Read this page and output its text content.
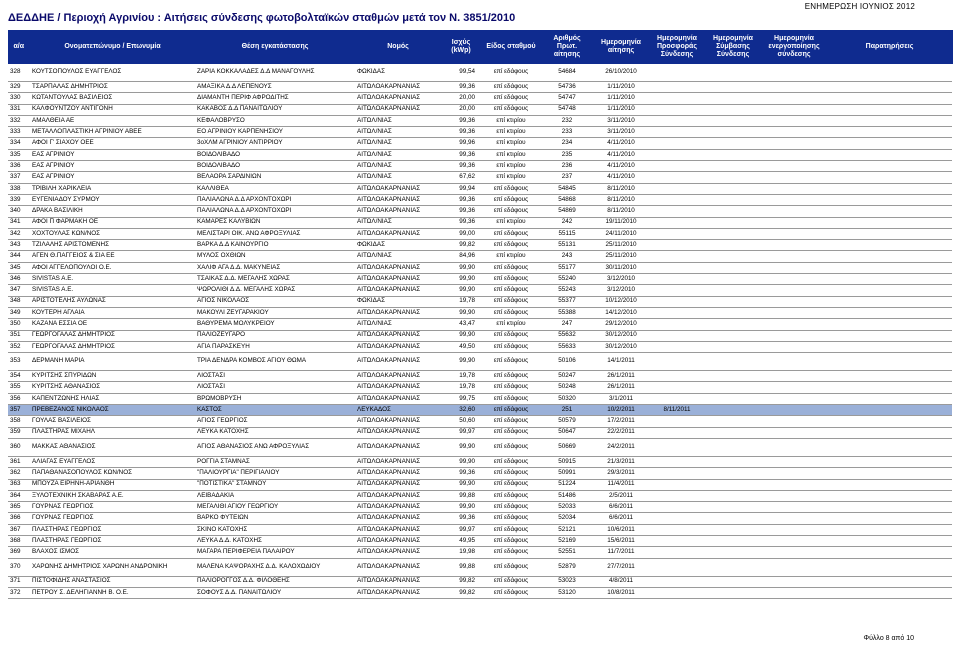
ΕΝΗΜΕΡΩΣΗ ΙΟΥΝΙΟΣ 2012
ΔΕΔΔΗΕ / Περιοχή Αγρινίου : Αιτήσεις σύνδεσης φωτοβολταϊκών σταθμών μετά τον Ν. 3851/2010
α/α	Ονοματεπώνυμο / Επωνυμία	Θέση εγκατάστασης	Νομός	Ισχύς (kWp)	Είδος σταθμού	Αριθμός Πρωτ. αίτησης	Ημερομηνία αίτησης	Ημερομηνία Προσφοράς Σύνδεσης	Ημερομηνία Σύμβασης Σύνδεσης	Ημερομηνία ενεργοποίησης σύνδεσης	Παρατηρήσεις
328	ΚΟΥΤΣΟΠΟΥΛΟΣ ΕΥΑΓΓΕΛΟΣ	ΖΑΡΙΑ ΚΟΚΚΑΛΑΔΕΣ Δ.Δ ΜΑΝΑΓΟΥΛΗΣ	ΦΩΚΙΔΑΣ	99,54	επί εδάφους	54684	26/10/2010				
329	ΤΣΑΡΠΑΛΑΣ ΔΗΜΗΤΡΙΟΣ	ΑΜΑΞΙΚΑ Δ.Δ ΛΕΠΕΝΟΥΣ	ΑΙΤΩΛΟΑΚΑΡΝΑΝΙΑΣ	99,36	επί εδάφους	54736	1/11/2010				
330	ΚΩΤΑΝΤΟΥΛΑΣ ΒΑΣΙΛΕΙΟΣ	ΔΙΑΜΑΝΤΗ ΠΕΡΙΦ ΑΦΡΟΔΙΤΗΣ	ΑΙΤΩΛΟΑΚΑΡΝΑΝΙΑΣ	20,00	επί εδάφους	54747	1/11/2010				
331	ΚΑΛΦΟΥΝΤΖΟΥ ΑΝΤΙΓΟΝΗ	ΚΑΚΑΒΟΣ Δ.Δ ΠΑΝΑΙΤΩΛΙΟΥ	ΑΙΤΩΛΟΑΚΑΡΝΑΝΙΑΣ	20,00	επί εδάφους	54748	1/11/2010				
332	ΑΜΑΛΘΕΙΑ ΑΕ	ΚΕΦΑΛΟΒΡΥΣΟ	ΑΙΤΩΛ/ΝΙΑΣ	99,36	επί κτιρίου	232	3/11/2010				
333	ΜΕΤΑΛΛΟΠΛΑΣΤΙΚΗ ΑΓΡΙΝΙΟΥ ΑΒΕΕ	ΕΟ ΑΓΡΙΝΙΟΥ ΚΑΡΠΕΝΗΣΙΟΥ	ΑΙΤΩΛ/ΝΙΑΣ	99,36	επί κτιρίου	233	3/11/2010				
334	ΑΦΟΙ Γ' ΣΙΑΧΟΥ ΟΕΕ	3οΧΛΜ ΑΓΡΙΝΙΟΥ ΑΝΤΙΡΡΙΟΥ	ΑΙΤΩΛ/ΝΙΑΣ	99,96	επί κτιρίου	234	4/11/2010				
335	ΕΑΣ ΑΓΡΙΝΙΟΥ	ΒΟΙΔΟΛΙΒΑΔΟ	ΑΙΤΩΛ/ΝΙΑΣ	99,36	επί κτιρίου	235	4/11/2010				
336	ΕΑΣ ΑΓΡΙΝΙΟΥ	ΒΟΙΔΟΛΙΒΑΔΟ	ΑΙΤΩΛ/ΝΙΑΣ	99,36	επί κτιρίου	236	4/11/2010				
337	ΕΑΣ ΑΓΡΙΝΙΟΥ	ΒΕΛΑΟΡΑ ΣΑΡΔΙΝΙΩΝ	ΑΙΤΩΛ/ΝΙΑΣ	67,62	επί κτιρίου	237	4/11/2010				
338	ΤΡΙΒΙΛΗ ΧΑΡΙΚΛΕΙΑ	ΚΑΛΛΙΘΕΑ	ΑΙΤΩΛΟΑΚΑΡΝΑΝΙΑΣ	99,94	επί εδάφους	54845	8/11/2010				
339	ΕΥΓΕΝΙΑΔΟΥ ΣΥΡΜΟΥ	ΠΑΛΙΑΛΩΝΑ Δ.Δ ΑΡΧΟΝΤΟΧΩΡΙ	ΑΙΤΩΛΟΑΚΑΡΝΑΝΙΑΣ	99,36	επί εδάφους	54868	8/11/2010				
340	ΔΡΑΚΑ ΒΑΣΙΛΙΚΗ	ΠΑΛΙΑΛΩΝΑ Δ.Δ ΑΡΧΟΝΤΟΧΩΡΙ	ΑΙΤΩΛΟΑΚΑΡΝΑΝΙΑΣ	99,36	επί εδάφους	54869	8/11/2010				
341	ΑΦΟΙ Π ΦΑΡΜΑΚΗ ΟΕ	ΚΑΜΑΡΕΣ ΚΑΛΥΒΙΩΝ	ΑΙΤΩΛ/ΝΙΑΣ	99,36	επί κτιρίου	242	19/11/2010				
342	ΧΟΧΤΟΥΛΑΣ ΚΩΝ/ΝΟΣ	ΜΕΛΙΣΤΑΡΙ ΟΙΚ. ΑΝΩ ΑΦΡΟΞΥΛΙΑΣ	ΑΙΤΩΛΟΑΚΑΡΝΑΝΙΑΣ	99,00	επί εδάφους	55115	24/11/2010				
343	ΤΖΙΛΑΛΗΣ ΑΡΙΣΤΟΜΕΝΗΣ	ΒΑΡΚΑ Δ.Δ ΚΑΙΝΟΥΡΓΙΟ	ΦΩΚΙΔΑΣ	99,82	επί εδάφους	55131	25/11/2010				
344	ΑΓΕΝ Θ.ΠΑΓΓΕΙΟΣ & ΣΙΑ ΕΕ	ΜΥΛΟΣ ΟΧΘΙΩΝ	ΑΙΤΩΛ/ΝΙΑΣ	84,96	επί κτιρίου	243	25/11/2010				
345	ΑΦΟΙ ΑΓΓΕΛΟΠΟΥΛΟΙ Ο.Ε.	ΧΑΛΙΦ ΑΓΑ Δ.Δ. ΜΑΚΥΝΕΙΑΣ	ΑΙΤΩΛΟΑΚΑΡΝΑΝΙΑΣ	99,90	επί εδάφους	55177	30/11/2010				
346	SIVISTAS A.E.	ΤΣΑΙΚΑΣ Δ.Δ. ΜΕΓΑΛΗΣ ΧΩΡΑΣ	ΑΙΤΩΛΟΑΚΑΡΝΑΝΙΑΣ	99,90	επί εδάφους	55240	3/12/2010				
347	SIVISTAS A.E.	ΨΩΡΟΛΙΘΙ Δ.Δ. ΜΕΓΑΛΗΣ ΧΩΡΑΣ	ΑΙΤΩΛΟΑΚΑΡΝΑΝΙΑΣ	99,90	επί εδάφους	55243	3/12/2010				
348	ΑΡΙΣΤΟΤΕΛΗΣ ΑΥΛΩΝΑΣ	ΑΓΙΟΣ ΝΙΚΟΛΑΟΣ	ΦΩΚΙΔΑΣ	19,78	επί εδάφους	55377	10/12/2010				
349	ΚΟΥΤΕΡΗ ΑΓΛΑΙΑ	ΜΑΚΟΥΛΙ ΖΕΥΓΑΡΑΚΙΟΥ	ΑΙΤΩΛΟΑΚΑΡΝΑΝΙΑΣ	99,90	επί εδάφους	55388	14/12/2010				
350	ΚΑΖΑΝΑ ΕΣΣΙΑ ΟΕ	ΒΑΘΥΡΕΜΑ ΜΟΛΥΚΡΕΙΟΥ	ΑΙΤΩΛ/ΝΙΑΣ	43,47	επί κτιρίου	247	29/12/2010				
351	ΓΕΩΡΓΟΓΑΛΑΣ ΔΗΜΗΤΡΙΟΣ	ΠΑΛΙΟΖΕΥΓΑΡΟ	ΑΙΤΩΛΟΑΚΑΡΝΑΝΙΑΣ	99,90	επί εδάφους	55632	30/12/2010				
352	ΓΕΩΡΓΟΓΑΛΑΣ ΔΗΜΗΤΡΙΟΣ	ΑΓΙΑ ΠΑΡΑΣΚΕΥΗ	ΑΙΤΩΛΟΑΚΑΡΝΑΝΙΑΣ	49,50	επί εδάφους	55633	30/12/2010				
353	ΔΕΡΜΑΝΗ ΜΑΡΙΑ	ΤΡΙΑ ΔΕΝΔΡΑ ΚΟΜΒΟΣ ΑΓΙΟΥ ΘΩΜΑ	ΑΙΤΩΛΟΑΚΑΡΝΑΝΙΑΣ	99,90	επί εδάφους	50106	14/1/2011				
354	ΚΥΡΙΤΣΗΣ ΣΠΥΡΙΔΩΝ	ΛΙΟΣΤΑΣΙ	ΑΙΤΩΛΟΑΚΑΡΝΑΝΙΑΣ	19,78	επί εδάφους	50247	26/1/2011				
355	ΚΥΡΙΤΣΗΣ ΑΘΑΝΑΣΙΟΣ	ΛΙΟΣΤΑΣΙ	ΑΙΤΩΛΟΑΚΑΡΝΑΝΙΑΣ	19,78	επί εδάφους	50248	26/1/2011				
356	ΚΑΠΕΝΤΖΩΝΗΣ ΗΛΙΑΣ	ΒΡΩΜΟΒΡΥΣΗ	ΑΙΤΩΛΟΑΚΑΡΝΑΝΙΑΣ	99,75	επί εδάφους	50320	3/1/2011				
357	ΠΡΕΒΕΖΑΝΟΣ ΝΙΚΟΛΑΟΣ	ΚΑΣΤΟΣ	ΛΕΥΚΑΔΟΣ	32,60	επί εδάφους	251	10/2/2011	8/11/2011			
358	ΓΟΥΛΑΣ ΒΑΣΙΛΕΙΟΣ	ΑΓΙΟΣ ΓΕΩΡΓΙΟΣ	ΑΙΤΩΛΟΑΚΑΡΝΑΝΙΑΣ	50,60	επί εδάφους	50579	17/2/2011				
359	ΠΛΑΣΤΗΡΑΣ ΜΙΧΑΗΛ	ΛΕΥΚΑ ΚΑΤΟΧΗΣ	ΑΙΤΩΛΟΑΚΑΡΝΑΝΙΑΣ	99,97	επί εδάφους	50647	22/2/2011				
360	ΜΑΚΚΑΣ ΑΘΑΝΑΣΙΟΣ	ΑΓΙΟΣ ΑΘΑΝΑΣΙΟΣ ΑΝΩ ΑΦΡΟΞΥΛΙΑΣ	ΑΙΤΩΛΟΑΚΑΡΝΑΝΙΑΣ	99,90	επί εδάφους	50669	24/2/2011				
361	ΑΛΙΑΓΑΣ ΕΥΑΓΓΕΛΟΣ	ΡΟΓΓΙΑ ΣΤΑΜΝΑΣ	ΑΙΤΩΛΟΑΚΑΡΝΑΝΙΑΣ	99,90	επί εδάφους	50915	21/3/2011				
362	ΠΑΠΑΘΑΝΑΣΟΠΟΥΛΟΣ ΚΩΝ/ΝΟΣ	"ΠΑΛΙΟΥΡΓΙΑ" ΠΕΡΙΓΙΑΛΙΟΥ	ΑΙΤΩΛΟΑΚΑΡΝΑΝΙΑΣ	99,36	επί εδάφους	50991	29/3/2011				
363	ΜΠΟΥΖΑ ΕΙΡΗΝΗ-ΑΡΙΑΝΘΗ	"ΠΟΤΙΣΤΙΚΑ" ΣΤΑΜΝΟΥ	ΑΙΤΩΛΟΑΚΑΡΝΑΝΙΑΣ	99,90	επί εδάφους	51224	11/4/2011				
364	ΞΥΛΟΤΕΧΝΙΚΗ ΣΚΑΒΑΡΑΣ Α.Ε.	ΛΕΙΒΑΔΑΚΙΑ	ΑΙΤΩΛΟΑΚΑΡΝΑΝΙΑΣ	99,88	επί εδάφους	51486	2/5/2011				
365	ΓΟΥΡΝΑΣ ΓΕΩΡΓΙΟΣ	ΜΕΓΑΛΙΘΙ ΑΓΙΟΥ ΓΕΩΡΓΙΟΥ	ΑΙΤΩΛΟΑΚΑΡΝΑΝΙΑΣ	99,90	επί εδάφους	52033	6/6/2011				
366	ΓΟΥΡΝΑΣ ΓΕΩΡΓΙΟΣ	ΒΑΡΚΟ ΦΥΤΕΙΩΝ	ΑΙΤΩΛΟΑΚΑΡΝΑΝΙΑΣ	99,36	επί εδάφους	52034	6/6/2011				
367	ΠΛΑΣΤΗΡΑΣ ΓΕΩΡΓΙΟΣ	ΣΚΙΝΟ ΚΑΤΟΧΗΣ	ΑΙΤΩΛΟΑΚΑΡΝΑΝΙΑΣ	99,97	επί εδάφους	52121	10/6/2011				
368	ΠΛΑΣΤΗΡΑΣ ΓΕΩΡΓΙΟΣ	ΛΕΥΚΑ Δ.Δ. ΚΑΤΟΧΗΣ	ΑΙΤΩΛΟΑΚΑΡΝΑΝΙΑΣ	49,95	επί εδάφους	52169	15/6/2011				
369	ΒΛΑΧΟΣ ΙΣΜΟΣ	ΜΑΓΑΡΑ ΠΕΡΙΦΕΡΕΙΑ ΠΑΛΑΙΡΟΥ	ΑΙΤΩΛΟΑΚΑΡΝΑΝΙΑΣ	19,98	επί εδάφους	52551	11/7/2011				
370	ΧΑΡΩΝΗΣ ΔΗΜΗΤΡΙΟΣ ΧΑΡΩΝΗ ΑΝΔΡΟΝΙΚΗ	ΜΑΛΕΝΑ ΚΑΨΟΡΑΧΗΣ Δ.Δ. ΚΑΛΟΧΩΔΙΟΥ	ΑΙΤΩΛΟΑΚΑΡΝΑΝΙΑΣ	99,88	επί εδάφους	52879	27/7/2011				
371	ΠΙΣΤΟΦΙΔΗΣ ΑΝΑΣΤΑΣΙΟΣ	ΠΑΛΙΟΡΟΓΓΟΣ Δ.Δ. ΦΙΛΟΘΕΗΣ	ΑΙΤΩΛΟΑΚΑΡΝΑΝΙΑΣ	99,82	επί εδάφους	53023	4/8/2011				
372	ΠΕΤΡΟΥ Σ. ΔΕΛΗΓΙΑΝΝΗ Β. Ο.Ε.	ΣΟΦΟΥΣ Δ.Δ. ΠΑΝΑΙΤΩΛΙΟΥ	ΑΙΤΩΛΟΑΚΑΡΝΑΝΙΑΣ	99,82	επί εδάφους	53120	10/8/2011				
Φύλλο 8 από 10
